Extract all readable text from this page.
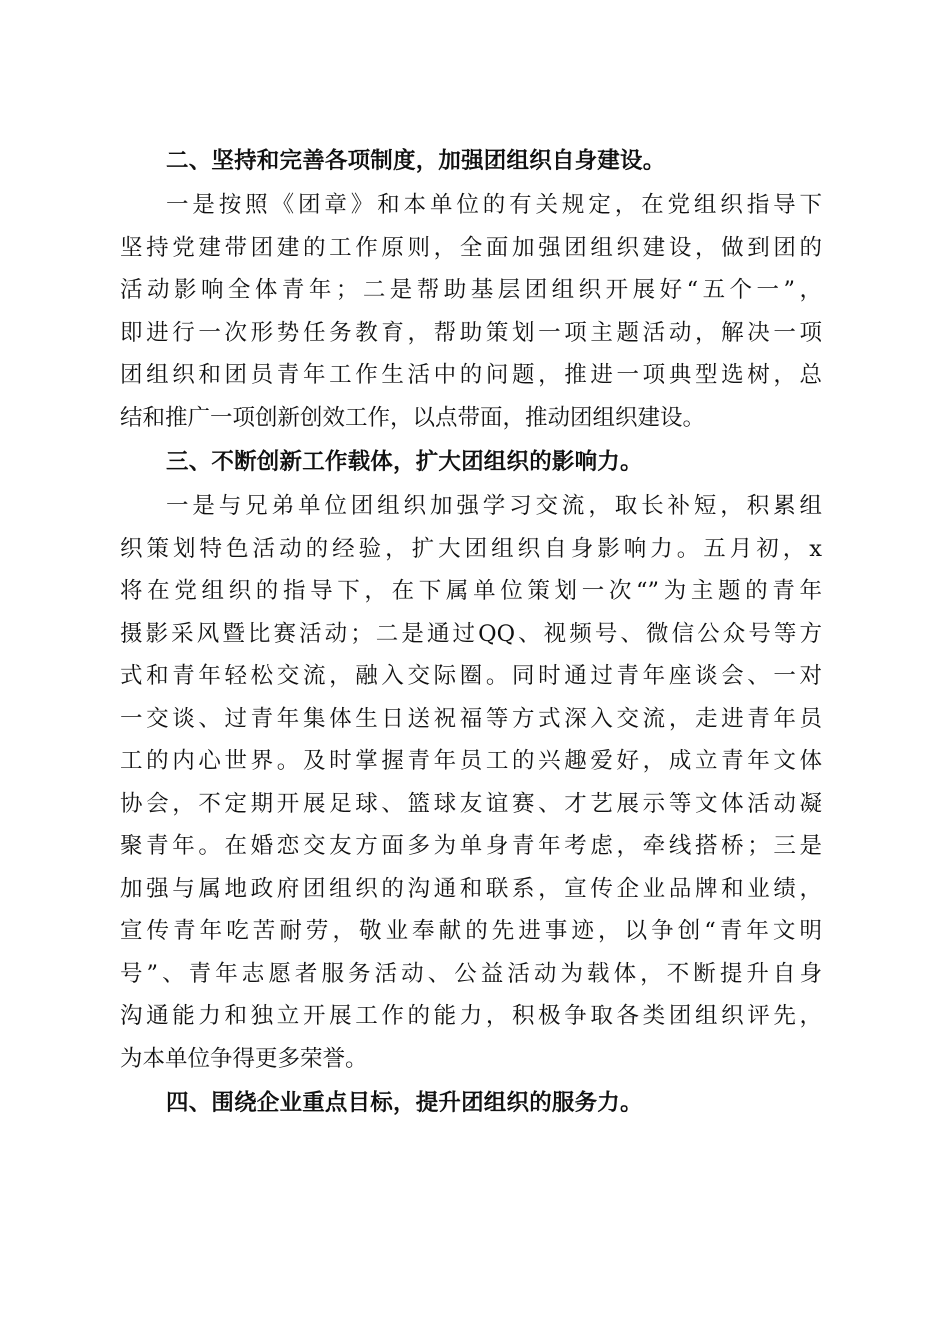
二、坚持和完善各项制度，加强团组织自身建设。
一是按照《团章》和本单位的有关规定，在党组织指导下
坚持党建带团建的工作原则，全面加强团组织建设，做到团的
活动影响全体青年；二是帮助基层团组织开展好“五个一”，
即进行一次形势任务教育，帮助策划一项主题活动，解决一项
团组织和团员青年工作生活中的问题，推进一项典型选树，总
结和推广一项创新创效工作，以点带面，推动团组织建设。
三、不断创新工作载体，扩大团组织的影响力。
一是与兄弟单位团组织加强学习交流，取长补短，积累组
织策划特色活动的经验，扩大团组织自身影响力。五月初，x
将在党组织的指导下，在下属单位策划一次“”为主题的青年
摄影采风暨比赛活动；二是通过QQ、视频号、微信公众号等方
式和青年轻松交流，融入交际圈。同时通过青年座谈会、一对
一交谈、过青年集体生日送祝福等方式深入交流，走进青年员
工的内心世界。及时掌握青年员工的兴趣爱好，成立青年文体
协会，不定期开展足球、篮球友谊赛、才艺展示等文体活动凝
聚青年。在婚恋交友方面多为单身青年考虑，牵线搭桥；三是
加强与属地政府团组织的沟通和联系，宣传企业品牌和业绩，
宣传青年吃苦耐劳，敬业奉献的先进事迹，以争创“青年文明
号”、青年志愿者服务活动、公益活动为载体，不断提升自身
沟通能力和独立开展工作的能力，积极争取各类团组织评先，
为本单位争得更多荣誉。
四、围绕企业重点目标，提升团组织的服务力。
